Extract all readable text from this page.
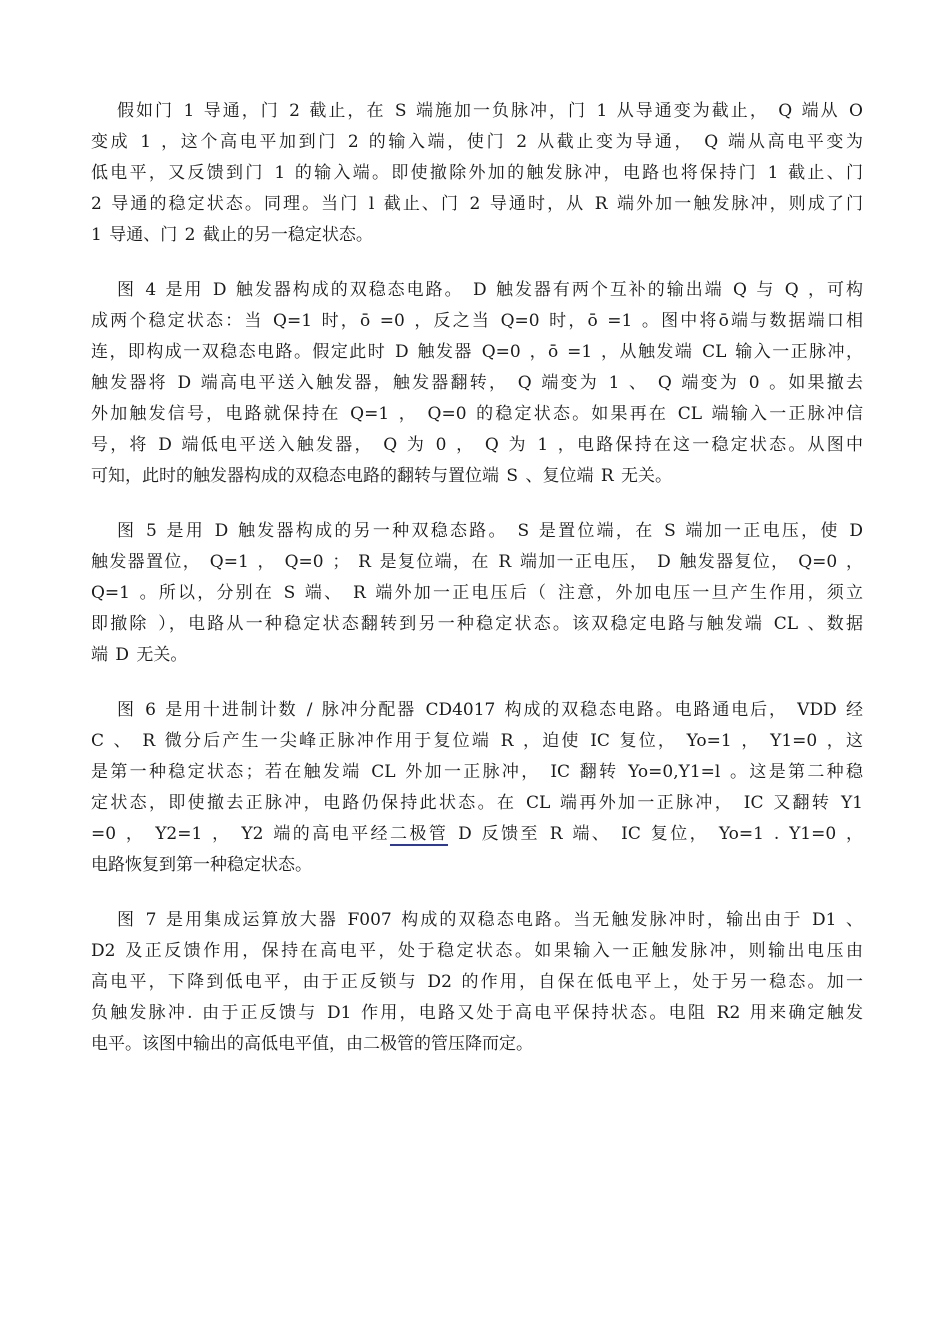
假如门 1 导通，门 2 截止，在 S 端施加一负脉冲，门 1 从导通变为截止， Q 端从 O
变成 1 ，这个高电平加到门 2 的输入端，使门 2 从截止变为导通， Q 端从高电平变为
低电平，又反馈到门 1 的输入端。即使撤除外加的触发脉冲，电路也将保持门 1 截止、门
2 导通的稳定状态。同理。当门 l 截止、门 2 导通时，从 R 端外加一触发脉冲，则成了门
1 导通、门 2 截止的另一稳定状态。
图 4 是用 D 触发器构成的双稳态电路。 D 触发器有两个互补的输出端 Q 与 Q ，可构
成两个稳定状态：当 Q=1 时，ō =0 ，反之当 Q=0 时，ō =1 。图中将ō端与数据端口相
连，即构成一双稳态电路。假定此时 D 触发器 Q=0 ，ō =1 ，从触发端 CL 输入一正脉冲，
触发器将 D 端高电平送入触发器，触发器翻转， Q 端变为 1 、 Q 端变为 0 。如果撤去
外加触发信号，电路就保持在 Q=1 ， Q=0 的稳定状态。如果再在 CL 端输入一正脉冲信
号，将 D 端低电平送入触发器， Q 为 0 ， Q 为 1 ，电路保持在这一稳定状态。从图中
可知，此时的触发器构成的双稳态电路的翻转与置位端 S 、复位端 R 无关。
图 5 是用 D 触发器构成的另一种双稳态路。 S 是置位端，在 S 端加一正电压，使 D
触发器置位， Q=1 ， Q=0 ； R 是复位端，在 R 端加一正电压， D 触发器复位， Q=0 ，
Q=1 。所以，分别在 S 端、 R 端外加一正电压后（ 注意，外加电压一旦产生作用，须立
即撤除 ），电路从一种稳定状态翻转到另一种稳定状态。该双稳定电路与触发端 CL 、数据
端 D 无关。
图 6 是用十进制计数 / 脉冲分配器 CD4017 构成的双稳态电路。电路通电后， VDD 经
C 、 R 微分后产生一尖峰正脉冲作用于复位端 R ，迫使 IC 复位， Yo=1 ， Y1=0 ，这
是第一种稳定状态；若在触发端 CL 外加一正脉冲， IC 翻转 Yo=0,Y1=l 。这是第二种稳
定状态，即使撤去正脉冲，电路仍保持此状态。在 CL 端再外加一正脉冲， IC 又翻转 Y1
=0 ， Y2=1 ， Y2 端的高电平经二极管 D 反馈至 R 端、 IC 复位， Yo=1 . Y1=0 ，
电路恢复到第一种稳定状态。
图 7 是用集成运算放大器 F007 构成的双稳态电路。当无触发脉冲时，输出由于 D1 、
D2 及正反馈作用，保持在高电平，处于稳定状态。如果输入一正触发脉冲，则输出电压由
高电平，下降到低电平，由于正反锁与 D2 的作用，自保在低电平上，处于另一稳态。加一
负触发脉冲. 由于正反馈与 D1 作用，电路又处于高电平保持状态。电阻 R2 用来确定触发
电平。该图中输出的高低电平值，由二极管的管压降而定。
